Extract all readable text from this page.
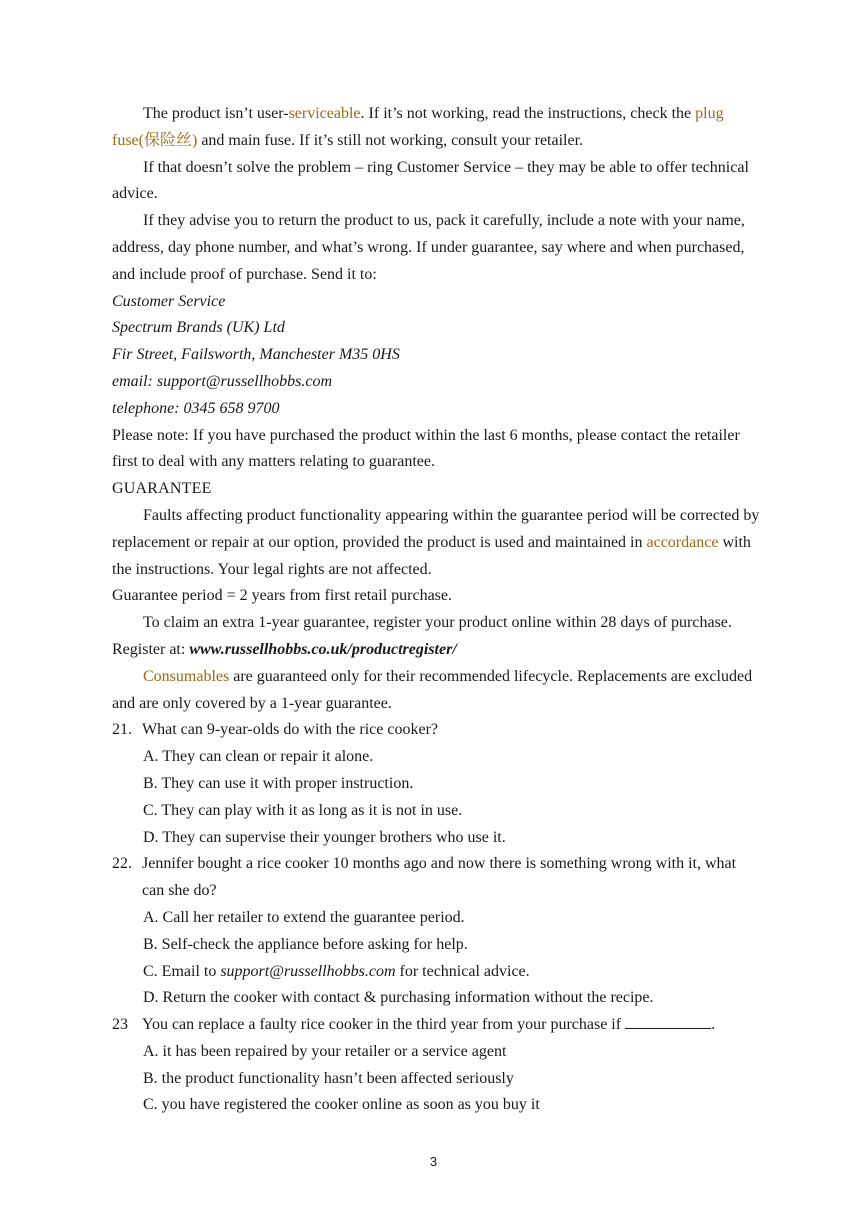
The product isn’t user-serviceable. If it’s not working, read the instructions, check the plug fuse(保险丝) and main fuse. If it’s still not working, consult your retailer.

If that doesn’t solve the problem – ring Customer Service – they may be able to offer technical advice.

If they advise you to return the product to us, pack it carefully, include a note with your name, address, day phone number, and what’s wrong. If under guarantee, say where and when purchased, and include proof of purchase. Send it to:

Customer Service

Spectrum Brands (UK) Ltd

Fir Street, Failsworth, Manchester M35 0HS

email: support@russellhobbs.com

telephone: 0345 658 9700

Please note: If you have purchased the product within the last 6 months, please contact the retailer first to deal with any matters relating to guarantee.

GUARANTEE

Faults affecting product functionality appearing within the guarantee period will be corrected by replacement or repair at our option, provided the product is used and maintained in accordance with the instructions. Your legal rights are not affected.

Guarantee period = 2 years from first retail purchase.

To claim an extra 1-year guarantee, register your product online within 28 days of purchase. Register at: www.russellhobbs.co.uk/productregister/

Consumables are guaranteed only for their recommended lifecycle. Replacements are excluded and are only covered by a 1-year guarantee.

21. What can 9-year-olds do with the rice cooker?

A. They can clean or repair it alone.

B. They can use it with proper instruction.

C. They can play with it as long as it is not in use.

D. They can supervise their younger brothers who use it.

22. Jennifer bought a rice cooker 10 months ago and now there is something wrong with it, what can she do?

A. Call her retailer to extend the guarantee period.

B. Self-check the appliance before asking for help.

C. Email to support@russellhobbs.com for technical advice.

D. Return the cooker with contact & purchasing information without the recipe.

23 You can replace a faulty rice cooker in the third year from your purchase if	.

A. it has been repaired by your retailer or a service agent

B. the product functionality hasn’t been affected seriously

C. you have registered the cooker online as soon as you buy it

3
